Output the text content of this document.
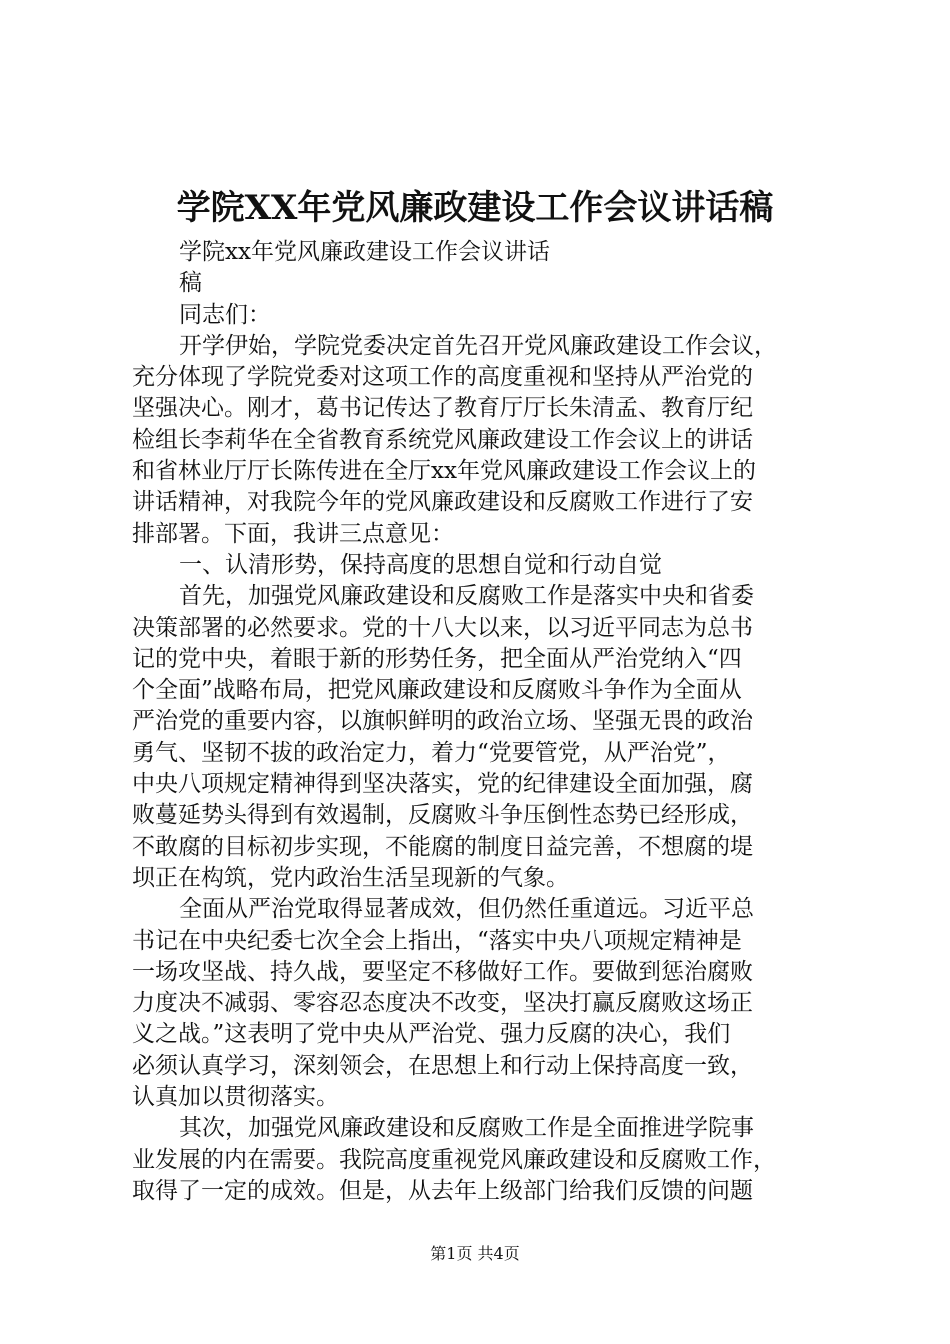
学院XX年党风廉政建设工作会议讲话稿
学院xx年党风廉政建设工作会议讲话
稿
同志们：
开学伊始，学院党委决定首先召开党风廉政建设工作会议，
充分体现了学院党委对这项工作的高度重视和坚持从严治党的
坚强决心。刚才，葛书记传达了教育厅厅长朱清孟、教育厅纪
检组长李莉华在全省教育系统党风廉政建设工作会议上的讲话
和省林业厅厅长陈传进在全厅xx年党风廉政建设工作会议上的
讲话精神，对我院今年的党风廉政建设和反腐败工作进行了安
排部署。下面，我讲三点意见：
一、认清形势，保持高度的思想自觉和行动自觉
首先，加强党风廉政建设和反腐败工作是落实中央和省委
决策部署的必然要求。党的十八大以来，以习近平同志为总书
记的党中央，着眼于新的形势任务，把全面从严治党纳入“四
个全面”战略布局，把党风廉政建设和反腐败斗争作为全面从
严治党的重要内容，以旗帜鲜明的政治立场、坚强无畏的政治
勇气、坚韧不拔的政治定力，着力“党要管党，从严治党”，
中央八项规定精神得到坚决落实，党的纪律建设全面加强，腐
败蔓延势头得到有效遏制，反腐败斗争压倒性态势已经形成，
不敢腐的目标初步实现，不能腐的制度日益完善，不想腐的堤
坝正在构筑，党内政治生活呈现新的气象。
全面从严治党取得显著成效，但仍然任重道远。习近平总
书记在中央纪委七次全会上指出，“落实中央八项规定精神是
一场攻坚战、持久战，要坚定不移做好工作。要做到惩治腐败
力度决不减弱、零容忍态度决不改变，坚决打赢反腐败这场正
义之战。”这表明了党中央从严治党、强力反腐的决心，我们
必须认真学习，深刻领会，在思想上和行动上保持高度一致，
认真加以贯彻落实。
其次，加强党风廉政建设和反腐败工作是全面推进学院事
业发展的内在需要。我院高度重视党风廉政建设和反腐败工作，
取得了一定的成效。但是，从去年上级部门给我们反馈的问题
第1页 共4页
